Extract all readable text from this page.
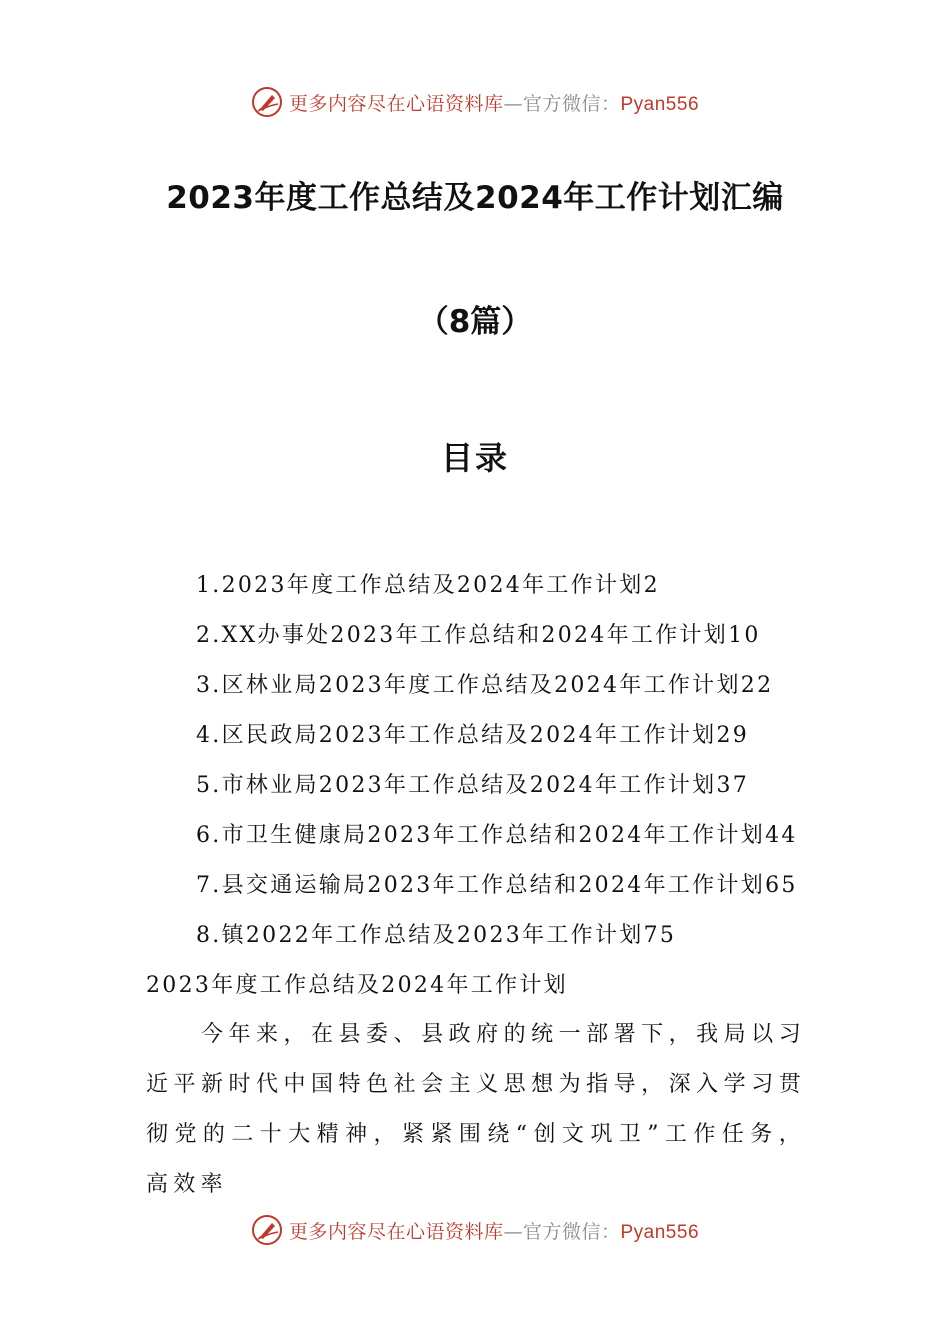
更多内容尽在心语资料库—官方微信：Pyan556
2023年度工作总结及2024年工作计划汇编
（8篇）
目录
1.2023年度工作总结及2024年工作计划2
2.XX办事处2023年工作总结和2024年工作计划10
3.区林业局2023年度工作总结及2024年工作计划22
4.区民政局2023年工作总结及2024年工作计划29
5.市林业局2023年工作总结及2024年工作计划37
6.市卫生健康局2023年工作总结和2024年工作计划44
7.县交通运输局2023年工作总结和2024年工作计划65
8.镇2022年工作总结及2023年工作计划75
2023年度工作总结及2024年工作计划

今年来，在县委、县政府的统一部署下，我局以习近平新时代中国特色社会主义思想为指导，深入学习贯彻党的二十大精神，紧紧围绕“创文巩卫”工作任务，高效率

更多内容尽在心语资料库—官方微信：Pyan556
